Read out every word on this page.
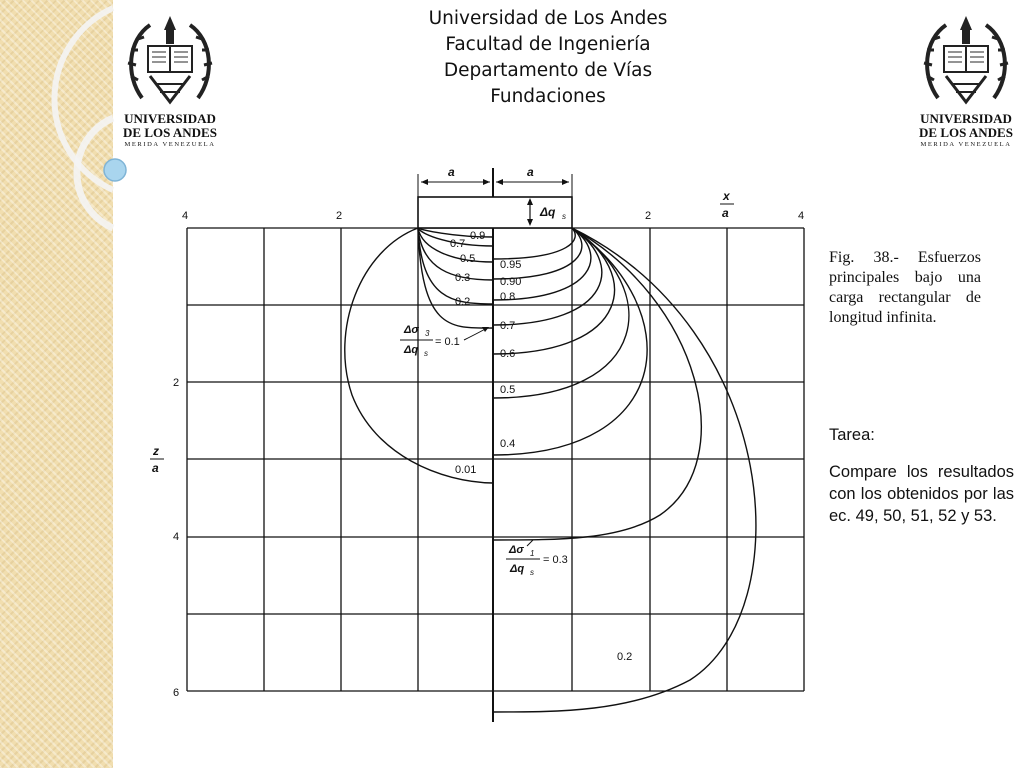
Universidad de Los Andes
Facultad de Ingeniería
Departamento de Vías
Fundaciones
UNIVERSIDAD
DE LOS ANDES
MERIDA VENEZUELA
UNIVERSIDAD
DE LOS ANDES
MERIDA VENEZUELA
a	a
Δq s
x
a
z
a
4	2	2	4
2
4
6
0.9
0.7
0.5
0.3
0.2
0.01
Δσ 3
Δq s
= 0.1
0.95
0.90
0.8
0.7
0.6
0.5
0.4
0.2
Δσ 1
Δq s
= 0.3
Fig. 38.- Esfuerzos principales bajo una carga rectangular de longitud infinita.
Tarea:
Compare los resultados con los obtenidos por las ec. 49, 50, 51, 52 y 53.
